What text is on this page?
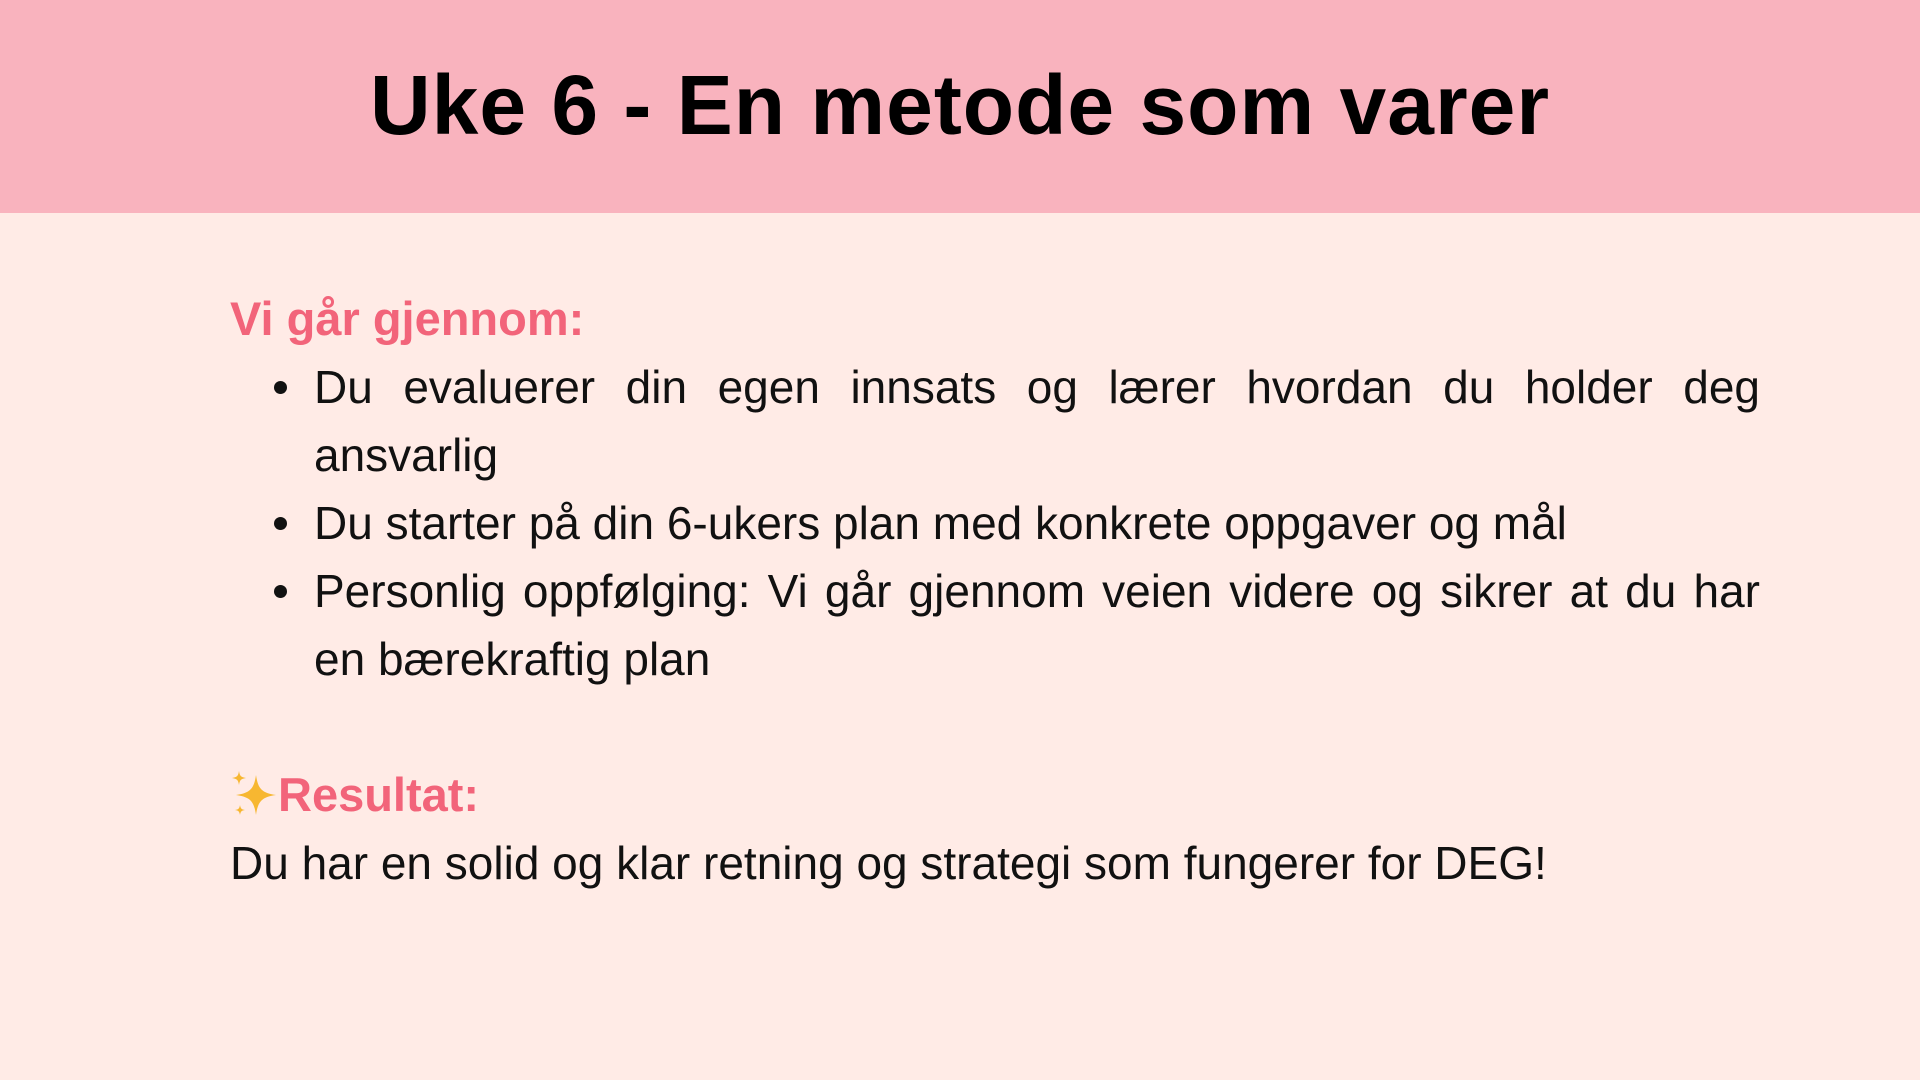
Uke 6 - En metode som varer

Vi går gjennom:

Du evaluerer din egen innsats og lærer hvordan du holder deg ansvarlig
Du starter på din 6-ukers plan med konkrete oppgaver og mål
Personlig oppfølging: Vi går gjennom veien videre og sikrer at du har en bærekraftig plan

Resultat:

Du har en solid og klar retning og strategi som fungerer for DEG!
